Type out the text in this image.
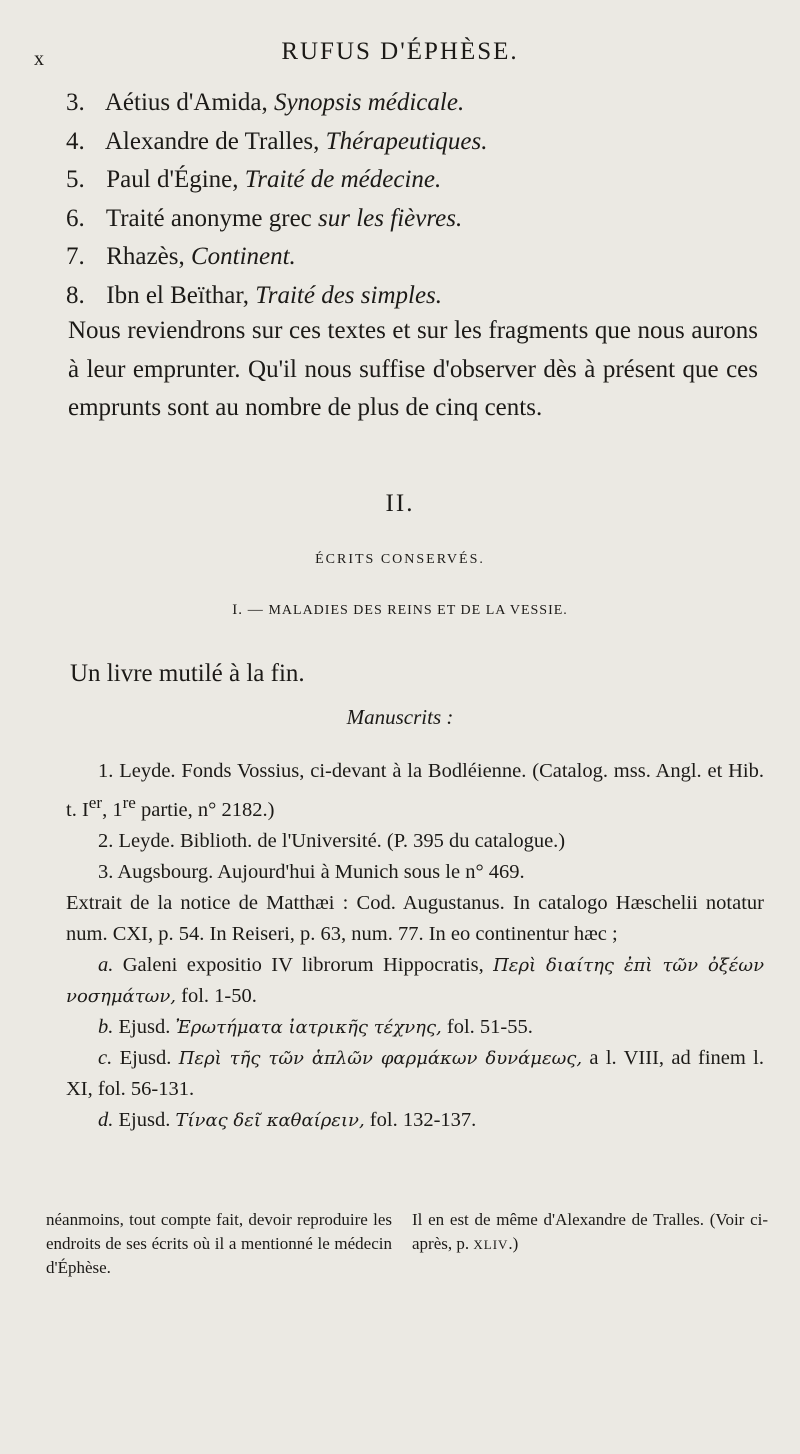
x	RUFUS D'ÉPHÈSE.
3. Aétius d'Amida, Synopsis médicale.
4. Alexandre de Tralles, Thérapeutiques.
5. Paul d'Égine, Traité de médecine.
6. Traité anonyme grec sur les fièvres.
7. Rhazès, Continent.
8. Ibn el Beïthar, Traité des simples.
Nous reviendrons sur ces textes et sur les fragments que nous aurons à leur emprunter. Qu'il nous suffise d'observer dès à présent que ces emprunts sont au nombre de plus de cinq cents.
II.
ÉCRITS CONSERVÉS.
I. — MALADIES DES REINS ET DE LA VESSIE.
Un livre mutilé à la fin.
Manuscrits :

1. Leyde. Fonds Vossius, ci-devant à la Bodléienne. (Catalog. mss. Angl. et Hib. t. Ier, 1re partie, n° 2182.)

2. Leyde. Biblioth. de l'Université. (P. 395 du catalogue.)

3. Augsbourg. Aujourd'hui à Munich sous le n° 469.

Extrait de la notice de Matthæi : Cod. Augustanus. In catalogo Hæschelii notatur num. CXI, p. 54. In Reiseri, p. 63, num. 77. In eo continentur hæc ;

a. Galeni expositio IV librorum Hippocratis, Περὶ διαίτης ἐπὶ τῶν ὀξέων νοσημάτων, fol. 1-50.

b. Ejusd. Ἐρωτήματα ἰατρικῆς τέχνης, fol. 51-55.

c. Ejusd. Περὶ τῆς τῶν ἁπλῶν φαρμάκων δυνάμεως, a l. VIII, ad finem l. XI, fol. 56-131.

d. Ejusd. Τίνας δεῖ καθαίρειν, fol. 132-137.

néanmoins, tout compte fait, devoir reproduire les endroits de ses écrits où il a mentionné le médecin d'Éphèse.
Il en est de même d'Alexandre de Tralles. (Voir ci-après, p. XLIV.)
